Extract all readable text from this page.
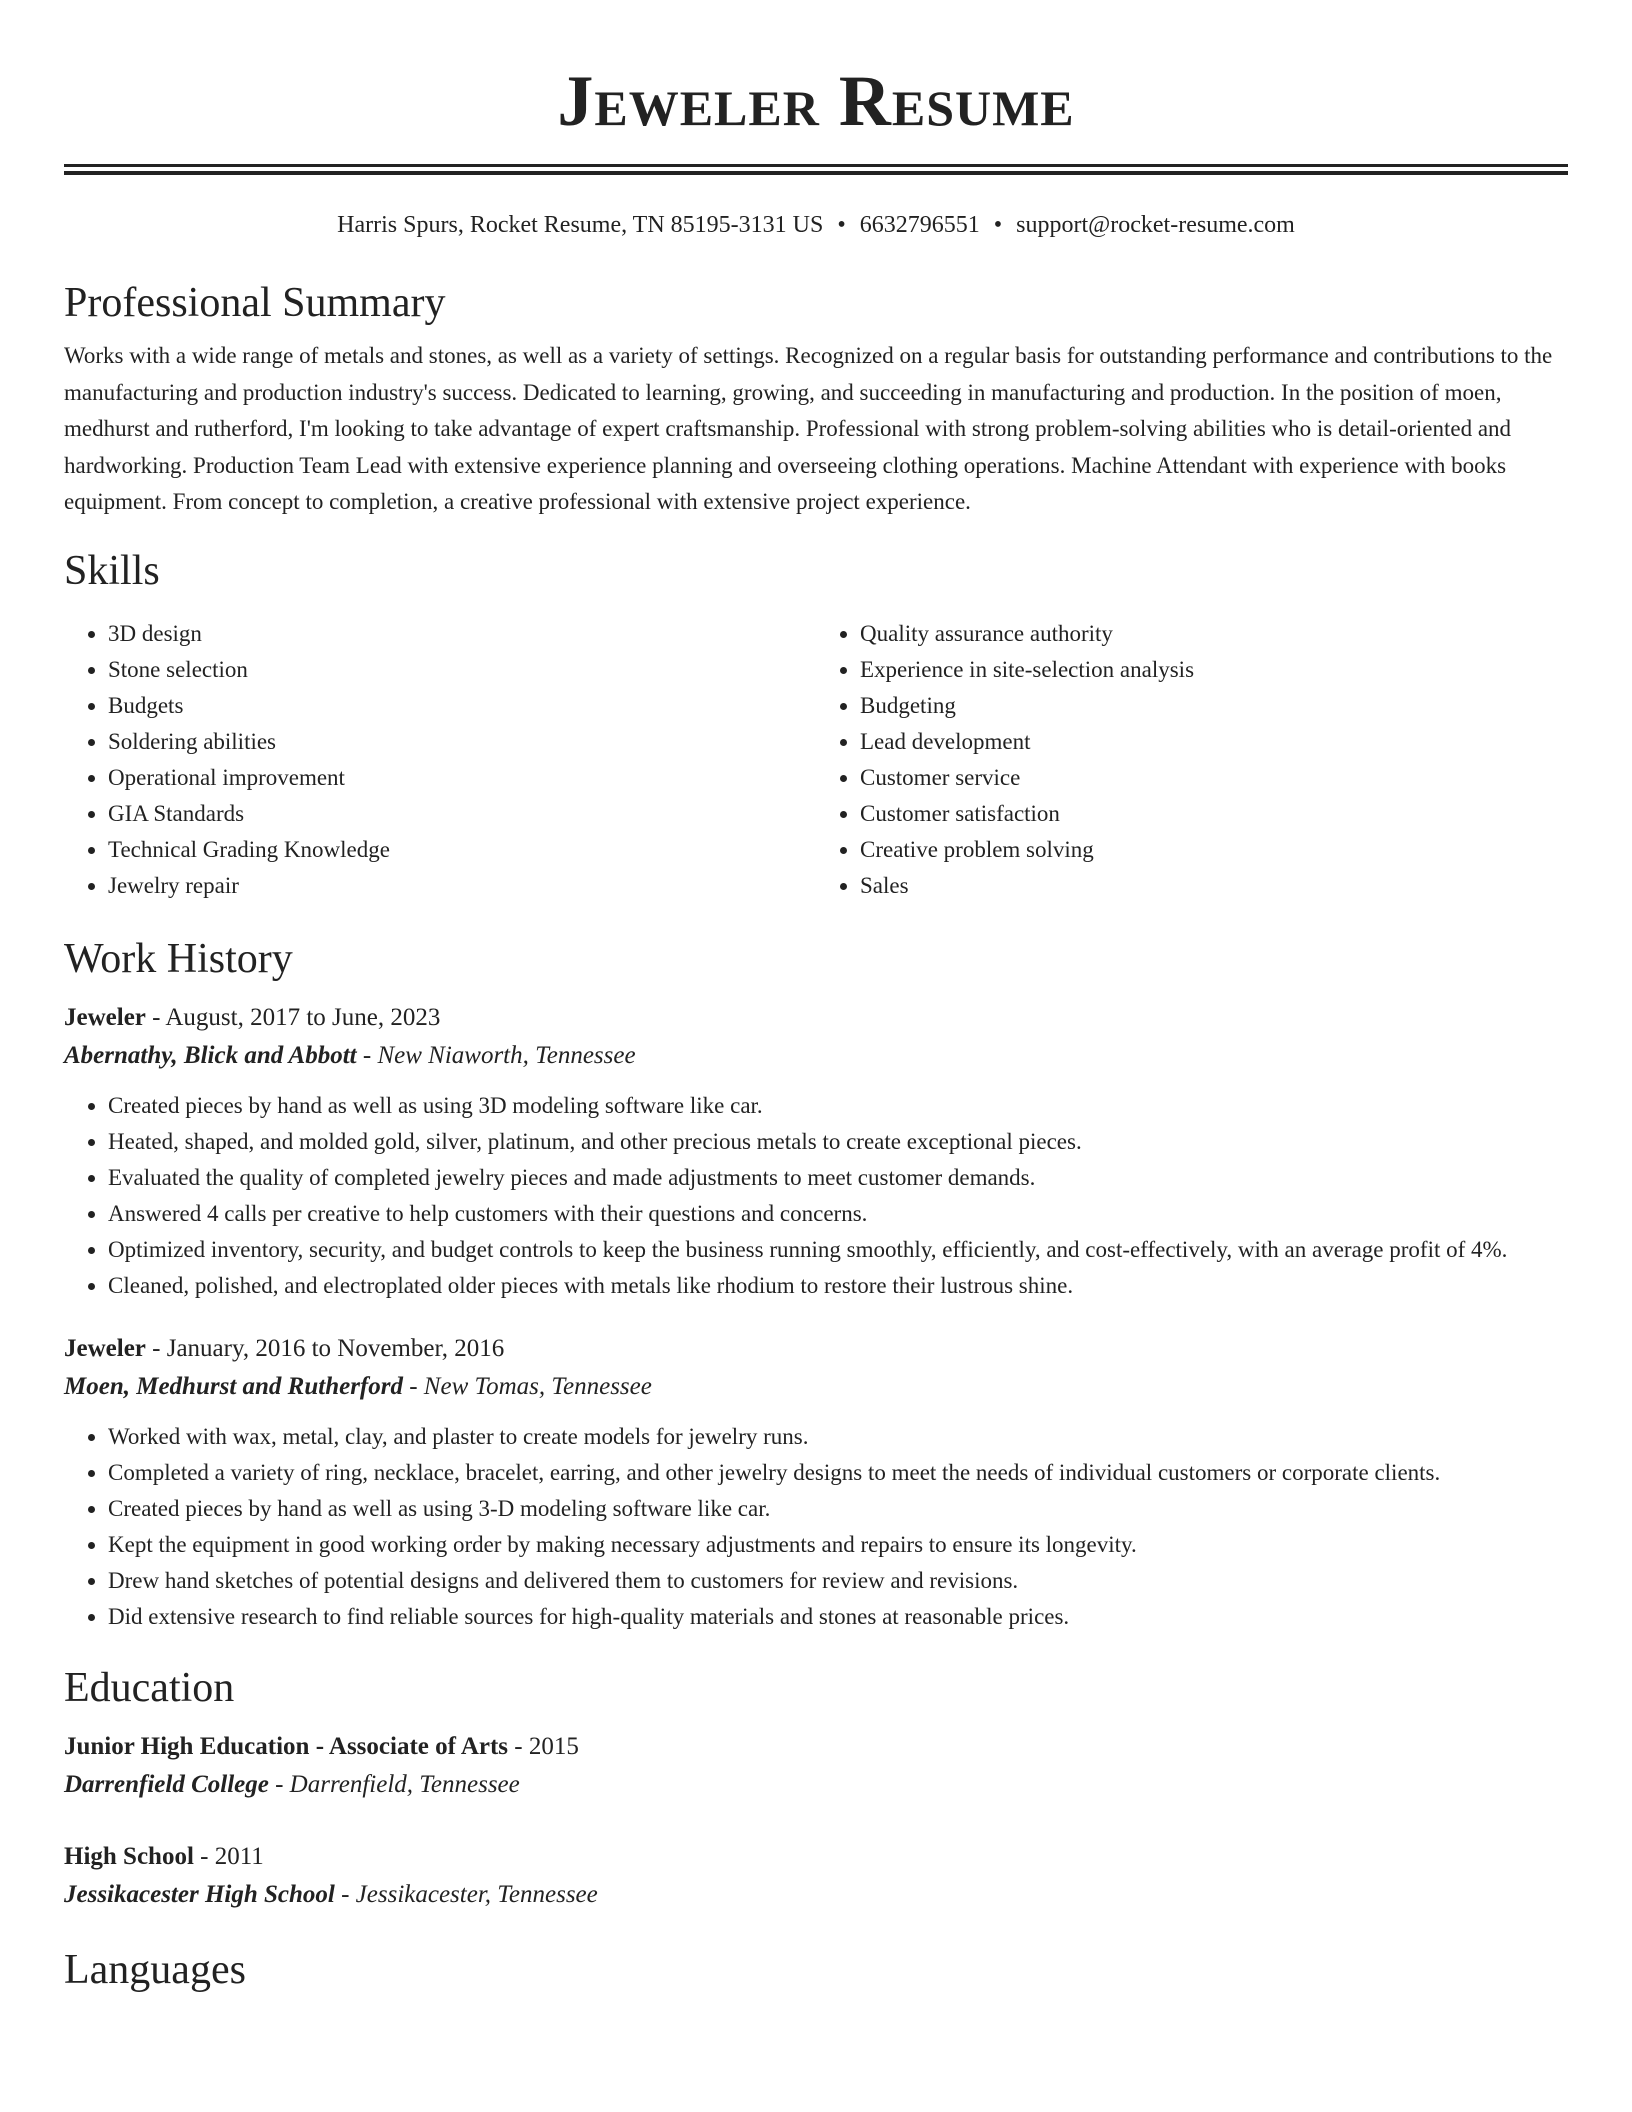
Jeweler Resume
Harris Spurs, Rocket Resume, TN 85195-3131 US • 6632796551 • support@rocket-resume.com
Professional Summary

Works with a wide range of metals and stones, as well as a variety of settings. Recognized on a regular basis for outstanding performance and contributions to the manufacturing and production industry's success. Dedicated to learning, growing, and succeeding in manufacturing and production. In the position of moen, medhurst and rutherford, I'm looking to take advantage of expert craftsmanship. Professional with strong problem-solving abilities who is detail-oriented and hardworking. Production Team Lead with extensive experience planning and overseeing clothing operations. Machine Attendant with experience with books equipment. From concept to completion, a creative professional with extensive project experience.

Skills
• 3D design
• Stone selection
• Budgets
• Soldering abilities
• Operational improvement
• GIA Standards
• Technical Grading Knowledge
• Jewelry repair
• Quality assurance authority
• Experience in site-selection analysis
• Budgeting
• Lead development
• Customer service
• Customer satisfaction
• Creative problem solving
• Sales
Work History
Jeweler - August, 2017 to June, 2023
Abernathy, Blick and Abbott - New Niaworth, Tennessee
• Created pieces by hand as well as using 3D modeling software like car.
• Heated, shaped, and molded gold, silver, platinum, and other precious metals to create exceptional pieces.
• Evaluated the quality of completed jewelry pieces and made adjustments to meet customer demands.
• Answered 4 calls per creative to help customers with their questions and concerns.
• Optimized inventory, security, and budget controls to keep the business running smoothly, efficiently, and cost-effectively, with an average profit of 4%.
• Cleaned, polished, and electroplated older pieces with metals like rhodium to restore their lustrous shine.
Jeweler - January, 2016 to November, 2016
Moen, Medhurst and Rutherford - New Tomas, Tennessee
• Worked with wax, metal, clay, and plaster to create models for jewelry runs.
• Completed a variety of ring, necklace, bracelet, earring, and other jewelry designs to meet the needs of individual customers or corporate clients.
• Created pieces by hand as well as using 3-D modeling software like car.
• Kept the equipment in good working order by making necessary adjustments and repairs to ensure its longevity.
• Drew hand sketches of potential designs and delivered them to customers for review and revisions.
• Did extensive research to find reliable sources for high-quality materials and stones at reasonable prices.
Education
Junior High Education - Associate of Arts - 2015
Darrenfield College - Darrenfield, Tennessee
High School - 2011
Jessikacester High School - Jessikacester, Tennessee
Languages
